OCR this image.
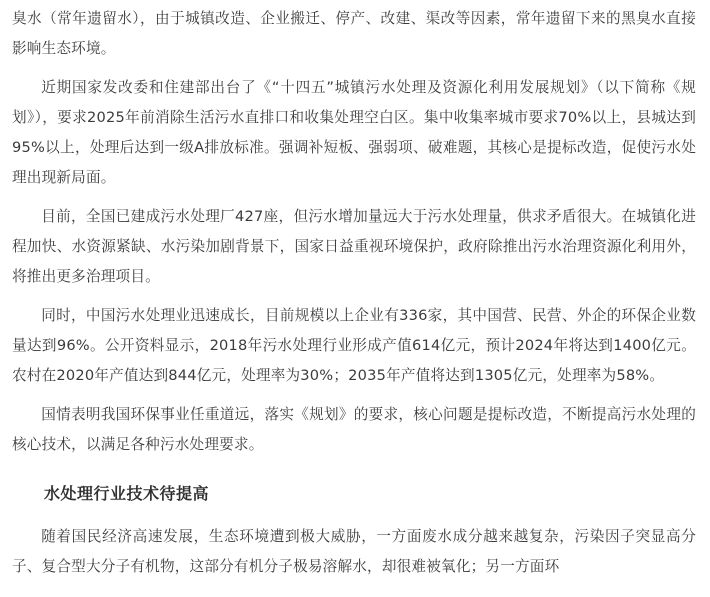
臭水（常年遗留水），由于城镇改造、企业搬迁、停产、改建、渠改等因素，常年遗留下来的黑臭水直接影响生态环境。

近期国家发改委和住建部出台了《“十四五”城镇污水处理及资源化利用发展规划》（以下简称《规划》），要求2025年前消除生活污水直排口和收集处理空白区。集中收集率城市要求70%以上，县城达到95%以上，处理后达到一级A排放标准。强调补短板、强弱项、破难题，其核心是提标改造，促使污水处理出现新局面。

目前，全国已建成污水处理厂427座，但污水增加量远大于污水处理量，供求矛盾很大。在城镇化进程加快、水资源紧缺、水污染加剧背景下，国家日益重视环境保护，政府除推出污水治理资源化利用外，将推出更多治理项目。

同时，中国污水处理业迅速成长，目前规模以上企业有336家，其中国营、民营、外企的环保企业数量达到96%。公开资料显示，2018年污水处理行业形成产值614亿元，预计2024年将达到1400亿元。农村在2020年产值达到844亿元，处理率为30%；2035年产值将达到1305亿元，处理率为58%。

国情表明我国环保事业任重道远，落实《规划》的要求，核心问题是提标改造，不断提高污水处理的核心技术，以满足各种污水处理要求。

水处理行业技术待提高

随着国民经济高速发展，生态环境遭到极大威胁，一方面废水成分越来越复杂，污染因子突显高分子、复合型大分子有机物，这部分有机分子极易溶解水，却很难被氧化；另一方面环
